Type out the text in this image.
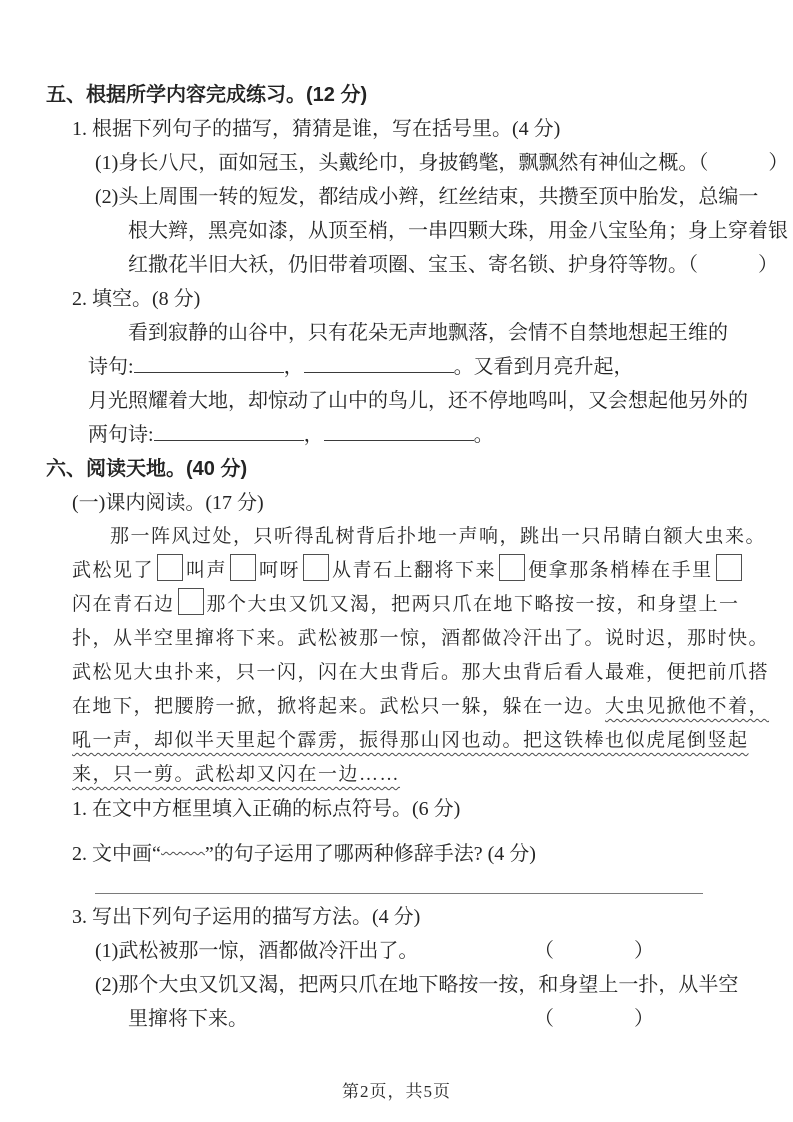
五、根据所学内容完成练习。(12 分)
1. 根据下列句子的描写，猜猜是谁，写在括号里。(4 分)
(1)身长八尺，面如冠玉，头戴纶巾，身披鹤氅，飘飘然有神仙之概。（　　　）
(2)头上周围一转的短发，都结成小辫，红丝结束，共攒至顶中胎发，总编一
根大辫，黑亮如漆，从顶至梢，一串四颗大珠，用金八宝坠角；身上穿着银
红撒花半旧大袄，仍旧带着项圈、宝玉、寄名锁、护身符等物。（　　　）
2. 填空。(8 分)
看到寂静的山谷中，只有花朵无声地飘落，会情不自禁地想起王维的
诗句:	，	。又看到月亮升起，
月光照耀着大地，却惊动了山中的鸟儿，还不停地鸣叫，又会想起他另外的
两句诗:	，	。
六、阅读天地。(40 分)
(一)课内阅读。(17 分)
那一阵风过处，只听得乱树背后扑地一声响，跳出一只吊睛白额大虫来。
武松见了 叫声 呵呀 从青石上翻将下来 便拿那条梢棒在手里
闪在青石边 那个大虫又饥又渴，把两只爪在地下略按一按，和身望上一
扑，从半空里撺将下来。武松被那一惊，酒都做冷汗出了。说时迟，那时快。
武松见大虫扑来，只一闪，闪在大虫背后。那大虫背后看人最难，便把前爪搭
在地下，把腰胯一掀，掀将起来。武松只一躲，躲在一边。大虫见掀他不着，
吼一声，却似半天里起个霹雳，振得那山冈也动。把这铁棒也似虎尾倒竖起
来，只一剪。武松却又闪在一边……
1. 在文中方框里填入正确的标点符号。(6 分)
2. 文中画“ ”的句子运用了哪两种修辞手法? (4 分)
3. 写出下列句子运用的描写方法。(4 分)
(1)武松被那一惊，酒都做冷汗出了。	（　　　　）
(2)那个大虫又饥又渴，把两只爪在地下略按一按，和身望上一扑，从半空
里撺将下来。	（　　　　）
第2页，共5页
